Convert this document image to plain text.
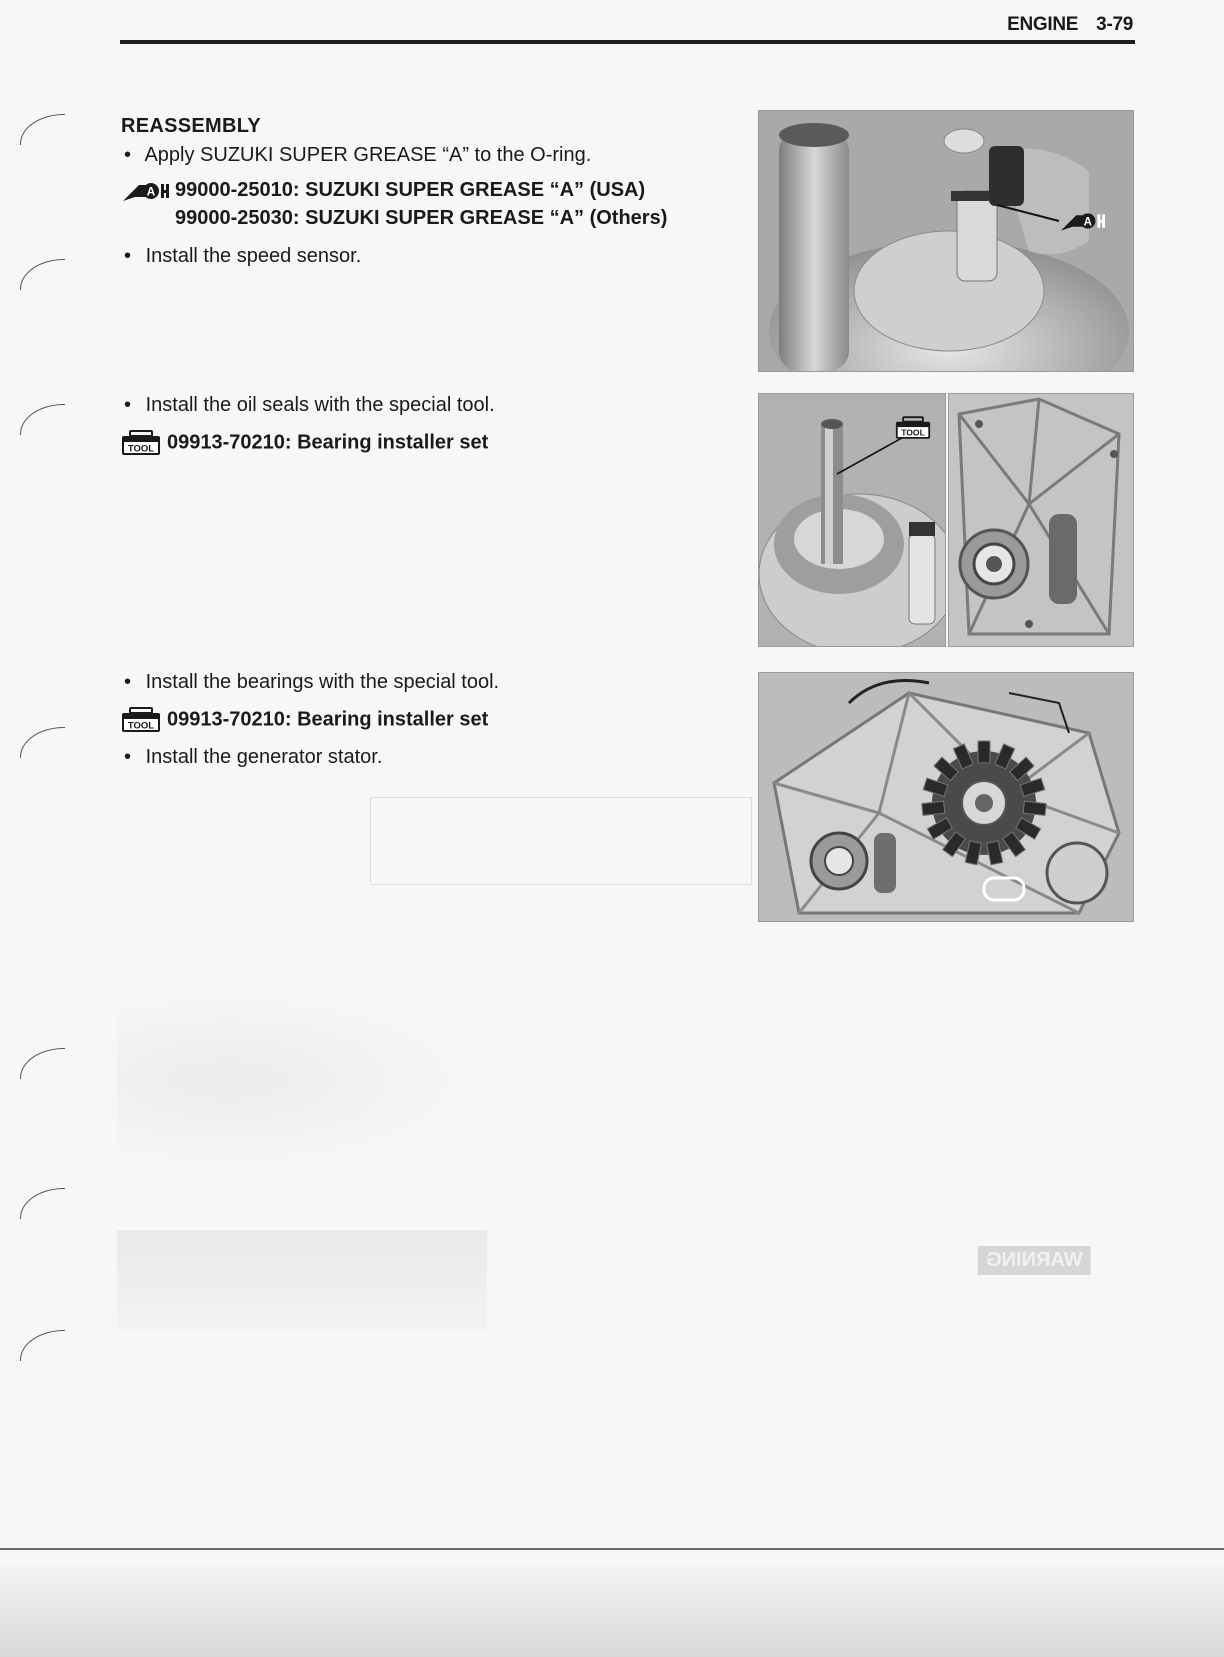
ENGINE 3-79
WARNING
REASSEMBLY
• Apply SUZUKI SUPER GREASE “A” to the O-ring.
A 99000-25010: SUZUKI SUPER GREASE “A” (USA)
99000-25030: SUZUKI SUPER GREASE “A” (Others)
• Install the speed sensor.
• Install the oil seals with the special tool.
TOOL 09913-70210: Bearing installer set
• Install the bearings with the special tool.
TOOL 09913-70210: Bearing installer set
• Install the generator stator.
A
TOOL
